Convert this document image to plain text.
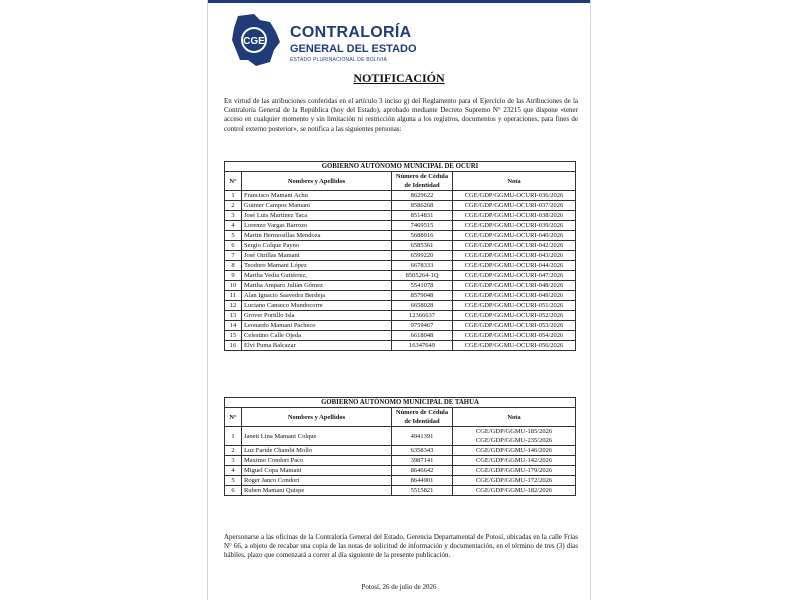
CGE
CONTRALORÍA
GENERAL DEL ESTADO
ESTADO PLURINACIONAL DE BOLIVIA
NOTIFICACIÓN
En virtud de las atribuciones conferidas en el artículo 3 inciso g) del Reglamento para el Ejercicio de las Atribuciones de la Contraloría General de la República (hoy del Estado), aprobado mediante Decreto Supremo N° 23215 que dispone «tener acceso en cualquier momento y sin limitación ni restricción alguna a los registros, documentos y operaciones, para fines de control externo posterior», se notifica a las siguientes personas:
GOBIERNO AUTÓNOMO MUNICIPAL DE OCURI			
N°	Nombres y Apellidos	Número de Cédula de Identidad	Nota
1	Francisco Mamani Achu	8629622	CGE/GDP/GGMU-OCURI-036/2026
2	Guimer Campos Mamani	8586268	CGE/GDP/GGMU-OCURI-037/2026
3	José Luis Martínez Taca	8514831	CGE/GDP/GGMU-OCURI-038/2026
4	Lorenzo Vargas Barrozo	7469515	CGE/GDP/GGMU-OCURI-039/2026
5	Martin Hermosillas Mendoza	5688916	CGE/GDP/GGMU-OCURI-040/2026
6	Sergio Colque Payno	6585361	CGE/GDP/GGMU-OCURI-042/2026
7	José Otrillas Mamani	6599220	CGE/GDP/GGMU-OCURI-043/2026
8	Teodoro Mamani López	6678333	CGE/GDP/GGMU-OCURI-044/2026
9	Martha Vedia Gutiérrez,	8505264-1Q	CGE/GDP/GGMU-OCURI-047/2026
10	Martha Amparo Julián Gómez	5541078	CGE/GDP/GGMU-OCURI-048/2026
11	Alan Ignacio Saavedra Berdeja	8579048	CGE/GDP/GGMU-OCURI-049/2026
12	Luciano Canseco Mundocorre	6658028	CGE/GDP/GGMU-OCURI-051/2026
13	Grover Portillo Isla	12366637	CGE/GDP/GGMU-OCURI-052/2026
14	Leonardo Mamani Pacheco	9759467	CGE/GDP/GGMU-OCURI-053/2026
15	Celestino Calle Ojeda	6618048	CGE/GDP/GGMU-OCURI-054/2026
16	Elvi Puma Balcazar	16347649	CGE/GDP/GGMU-OCURI-056/2026
GOBIERNO AUTÓNOMO MUNICIPAL DE TAHUA			
N°	Nombres y Apellidos	Número de Cédula de Identidad	Nota
1	Janett Lina Mamani Colque	4941391	CGE/GDP/GGMU-185/2026
CGE/GDP/GGMU-235/2026
2	Luz Faride Chambi Mollo	6358343	CGE/GDP/GGMU-146/2026
3	Maximo Condori Paco	3987141	CGE/GDP/GGMU-142/2026
4	Miguel Copa Mamani	8646642	CGE/GDP/GGMU-179/2026
5	Roger Janco Condori	8644901	CGE/GDP/GGMU-172/2026
6	Ruben Mamani Quispe	5515821	CGE/GDP/GGMU-182/2026
Apersonarse a las oficinas de la Contraloría General del Estado, Gerencia Departamental de Potosí, ubicadas en la calle Frías N° 66, a objeto de recabar una copia de las notas de solicitud de información y documentación, en el término de tres (3) días hábiles, plazo que comenzará a correr al día siguiente de la presente publicación.
Potosí, 26 de julio de 2026
